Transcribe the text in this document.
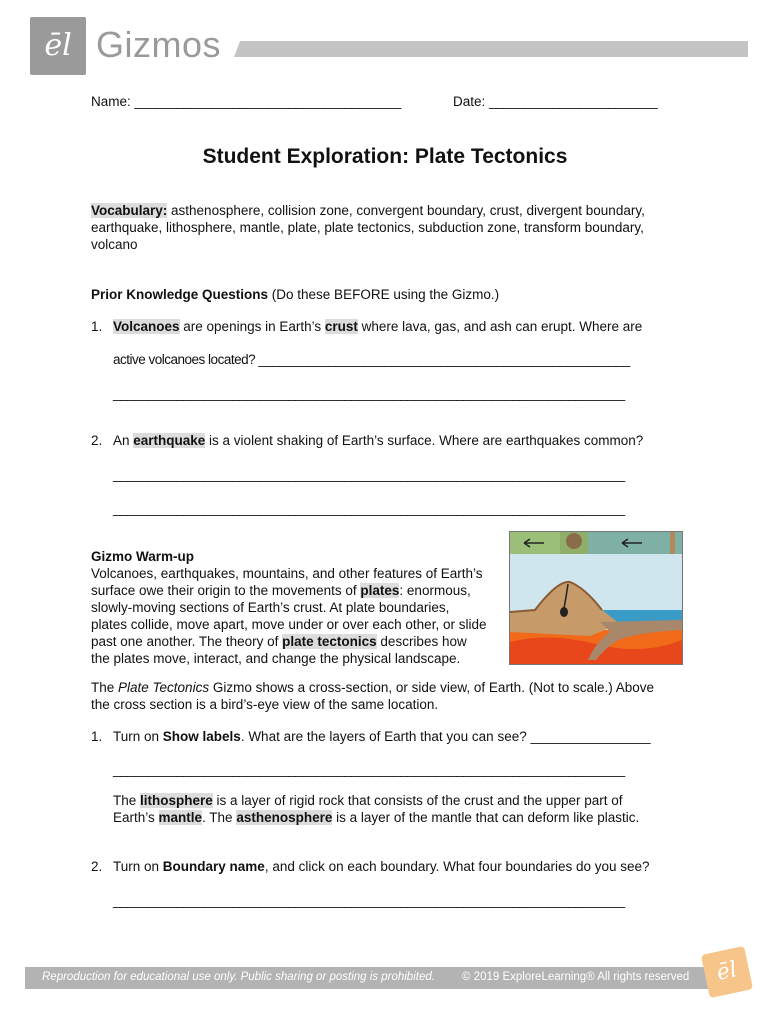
ēl Gizmos
Name: ______________________________________	Date: ________________________
Student Exploration: Plate Tectonics
Vocabulary: asthenosphere, collision zone, convergent boundary, crust, divergent boundary,
earthquake, lithosphere, mantle, plate, plate tectonics, subduction zone, transform boundary,
volcano
Prior Knowledge Questions (Do these BEFORE using the Gizmo.)
1. Volcanoes are openings in Earth’s crust where lava, gas, and ash can erupt. Where are
active volcanoes located? _____________________________________________________
_________________________________________________________________________
2. An earthquake is a violent shaking of Earth’s surface. Where are earthquakes common?
_________________________________________________________________________
_________________________________________________________________________
Gizmo Warm-up
Volcanoes, earthquakes, mountains, and other features of Earth’s
surface owe their origin to the movements of plates: enormous,
slowly-moving sections of Earth’s crust. At plate boundaries,
plates collide, move apart, move under or over each other, or slide
past one another. The theory of plate tectonics describes how
the plates move, interact, and change the physical landscape.
The Plate Tectonics Gizmo shows a cross-section, or side view, of Earth. (Not to scale.) Above
the cross section is a bird’s-eye view of the same location.
1. Turn on Show labels. What are the layers of Earth that you can see? ________________
_________________________________________________________________________
The lithosphere is a layer of rigid rock that consists of the crust and the upper part of
Earth’s mantle. The asthenosphere is a layer of the mantle that can deform like plastic.
2. Turn on Boundary name, and click on each boundary. What four boundaries do you see?
_________________________________________________________________________
Reproduction for educational use only. Public sharing or posting is prohibited. © 2019 ExploreLearning® All rights reserved	ēl
